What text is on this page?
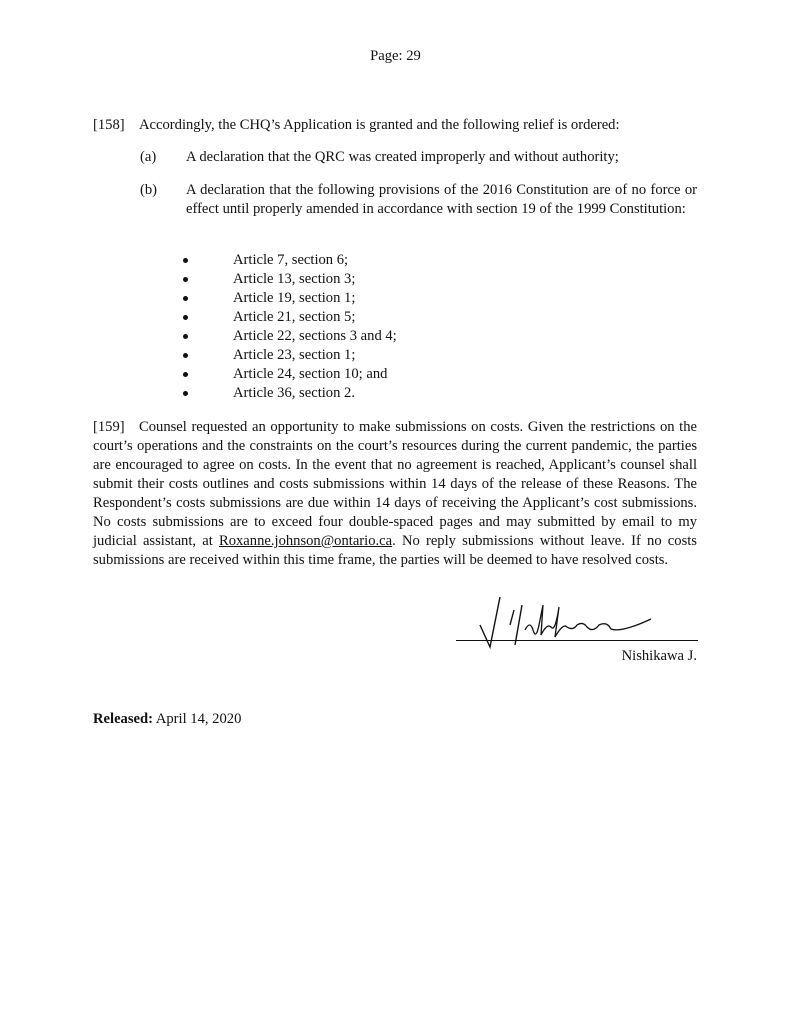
Page: 29
[158] Accordingly, the CHQ’s Application is granted and the following relief is ordered:
(a) A declaration that the QRC was created improperly and without authority;
(b) A declaration that the following provisions of the 2016 Constitution are of no force or effect until properly amended in accordance with section 19 of the 1999 Constitution:
Article 7, section 6;
Article 13, section 3;
Article 19, section 1;
Article 21, section 5;
Article 22, sections 3 and 4;
Article 23, section 1;
Article 24, section 10; and
Article 36, section 2.
[159] Counsel requested an opportunity to make submissions on costs. Given the restrictions on the court’s operations and the constraints on the court’s resources during the current pandemic, the parties are encouraged to agree on costs. In the event that no agreement is reached, Applicant’s counsel shall submit their costs outlines and costs submissions within 14 days of the release of these Reasons. The Respondent’s costs submissions are due within 14 days of receiving the Applicant’s cost submissions. No costs submissions are to exceed four double-spaced pages and may submitted by email to my judicial assistant, at Roxanne.johnson@ontario.ca. No reply submissions without leave. If no costs submissions are received within this time frame, the parties will be deemed to have resolved costs.
Nishikawa J.
Released: April 14, 2020
